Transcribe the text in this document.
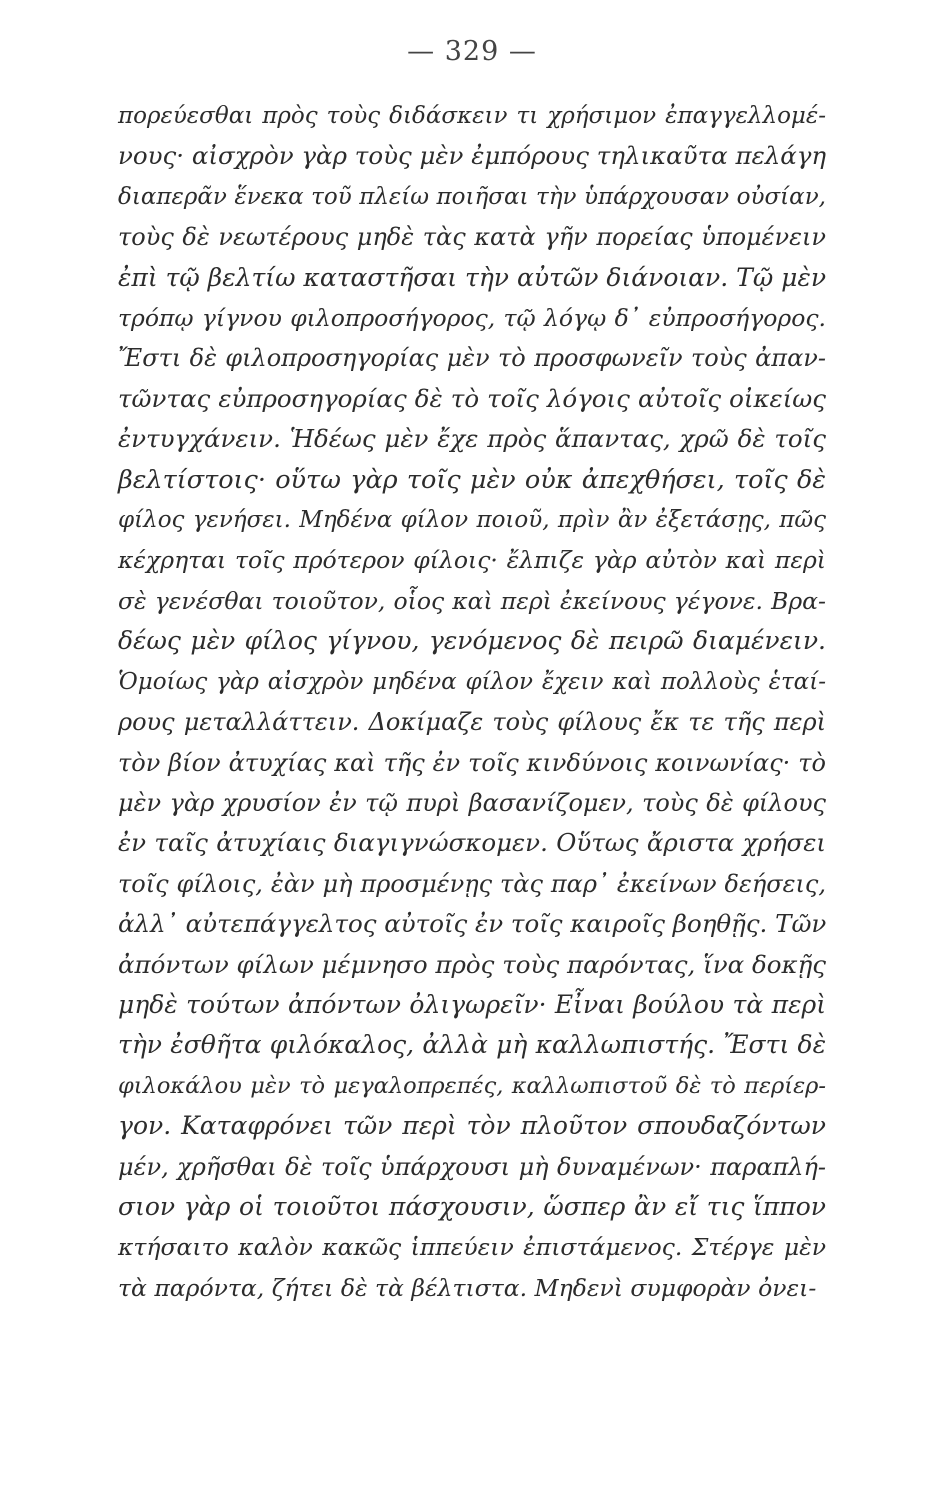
— 329 —
πορεύεσθαι πρὸς τοὺς διδάσκειν τι χρήσιμον ἐπαγγελλομέ-
νους· αἰσχρὸν γὰρ τοὺς μὲν ἐμπόρους τηλικαῦτα πελάγη
διαπερᾶν ἕνεκα τοῦ πλείω ποιῆσαι τὴν ὑπάρχουσαν οὐσίαν,
τοὺς δὲ νεωτέρους μηδὲ τὰς κατὰ γῆν πορείας ὑπομένειν
ἐπὶ τῷ βελτίω καταστῆσαι τὴν αὐτῶν διάνοιαν. Τῷ μὲν
τρόπῳ γίγνου φιλοπροσήγορος, τῷ λόγῳ δ᾽ εὐπροσήγορος.
Ἔστι δὲ φιλοπροσηγορίας μὲν τὸ προσφωνεῖν τοὺς ἀπαν-
τῶντας εὐπροσηγορίας δὲ τὸ τοῖς λόγοις αὐτοῖς οἰκείως
ἐντυγχάνειν. Ἡδέως μὲν ἔχε πρὸς ἅπαντας, χρῶ δὲ τοῖς
βελτίστοις· οὕτω γὰρ τοῖς μὲν οὐκ ἀπεχθήσει, τοῖς δὲ
φίλος γενήσει. Μηδένα φίλον ποιοῦ, πρὶν ἂν ἐξετάσῃς, πῶς
κέχρηται τοῖς πρότερον φίλοις· ἔλπιζε γὰρ αὐτὸν καὶ περὶ
σὲ γενέσθαι τοιοῦτον, οἷος καὶ περὶ ἐκείνους γέγονε. Βρα-
δέως μὲν φίλος γίγνου, γενόμενος δὲ πειρῶ διαμένειν.
Ὁμοίως γὰρ αἰσχρὸν μηδένα φίλον ἔχειν καὶ πολλοὺς ἑταί-
ρους μεταλλάττειν. Δοκίμαζε τοὺς φίλους ἔκ τε τῆς περὶ
τὸν βίον ἀτυχίας καὶ τῆς ἐν τοῖς κινδύνοις κοινωνίας· τὸ
μὲν γὰρ χρυσίον ἐν τῷ πυρὶ βασανίζομεν, τοὺς δὲ φίλους
ἐν ταῖς ἀτυχίαις διαγιγνώσκομεν. Οὕτως ἄριστα χρήσει
τοῖς φίλοις, ἐὰν μὴ προσμένῃς τὰς παρ᾽ ἐκείνων δεήσεις,
ἀλλ᾽ αὐτεπάγγελτος αὐτοῖς ἐν τοῖς καιροῖς βοηθῇς. Τῶν
ἀπόντων φίλων μέμνησο πρὸς τοὺς παρόντας, ἵνα δοκῇς
μηδὲ τούτων ἀπόντων ὀλιγωρεῖν· Εἶναι βούλου τὰ περὶ
τὴν ἐσθῆτα φιλόκαλος, ἀλλὰ μὴ καλλωπιστής. Ἔστι δὲ
φιλοκάλου μὲν τὸ μεγαλοπρεπές, καλλωπιστοῦ δὲ τὸ περίερ-
γον. Καταφρόνει τῶν περὶ τὸν πλοῦτον σπουδαζόντων
μέν, χρῆσθαι δὲ τοῖς ὑπάρχουσι μὴ δυναμένων· παραπλή-
σιον γὰρ οἱ τοιοῦτοι πάσχουσιν, ὥσπερ ἂν εἴ τις ἵππον
κτήσαιτο καλὸν κακῶς ἱππεύειν ἐπιστάμενος. Στέργε μὲν
τὰ παρόντα, ζήτει δὲ τὰ βέλτιστα. Μηδενὶ συμφορὰν ὀνει-
